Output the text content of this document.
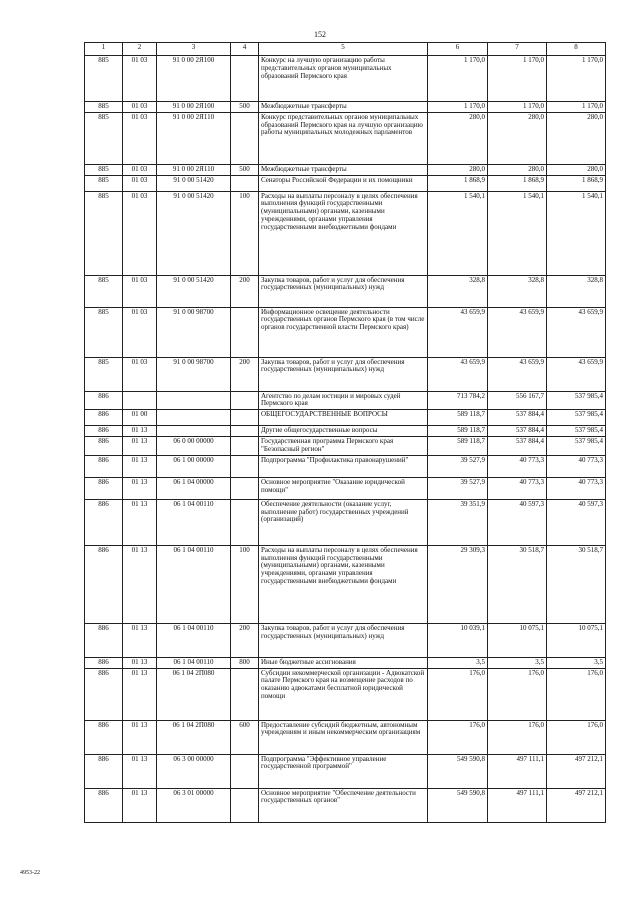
152
1	2	3	4	5	6	7	8
885	01 03	91 0 00 2Я100		Конкурс на лучшую организацию работы представительных органов муниципальных образований Пермского края	1 170,0	1 170,0	1 170,0
885	01 03	91 0 00 2Я100	500	Межбюджетные трансферты	1 170,0	1 170,0	1 170,0
885	01 03	91 0 00 2Я110		Конкурс представительных органов муниципальных образований Пермского края на лучшую организацию работы муниципальных молодежных парламентов	280,0	280,0	280,0
885	01 03	91 0 00 2Я110	500	Межбюджетные трансферты	280,0	280,0	280,0
885	01 03	91 0 00 51420		Сенаторы Российской Федерации и их помощники	1 868,9	1 868,9	1 868,9
885	01 03	91 0 00 51420	100	Расходы на выплаты персоналу в целях обеспечения выполнения функций государственными (муниципальными) органами, казенными учреждениями, органами управления государственными внебюджетными фондами	1 540,1	1 540,1	1 540,1
885	01 03	91 0 00 51420	200	Закупка товаров, работ и услуг для обеспечения государственных (муниципальных) нужд	328,8	328,8	328,8
885	01 03	91 0 00 98700		Информационное освещение деятельности государственных органов Пермского края (в том числе органов государственной власти Пермского края)	43 659,9	43 659,9	43 659,9
885	01 03	91 0 00 98700	200	Закупка товаров, работ и услуг для обеспечения государственных (муниципальных) нужд	43 659,9	43 659,9	43 659,9
886				Агентство по делам юстиции и мировых судей Пермского края	713 784,2	556 167,7	537 985,4
886	01 00			ОБЩЕГОСУДАРСТВЕННЫЕ ВОПРОСЫ	589 118,7	537 884,4	537 985,4
886	01 13			Другие общегосударственные вопросы	589 118,7	537 884,4	537 985,4
886	01 13	06 0 00 00000		Государственная программа Пермского края "Безопасный регион"	589 118,7	537 884,4	537 985,4
886	01 13	06 1 00 00000		Подпрограмма "Профилактика правонарушений"	39 527,9	40 773,3	40 773,3
886	01 13	06 1 04 00000		Основное мероприятие "Оказание юридической помощи"	39 527,9	40 773,3	40 773,3
886	01 13	06 1 04 00110		Обеспечение деятельности (оказание услуг, выполнение работ) государственных учреждений (организаций)	39 351,9	40 597,3	40 597,3
886	01 13	06 1 04 00110	100	Расходы на выплаты персоналу в целях обеспечения выполнения функций государственными (муниципальными) органами, казенными учреждениями, органами управления государственными внебюджетными фондами	29 309,3	30 518,7	30 518,7
886	01 13	06 1 04 00110	200	Закупка товаров, работ и услуг для обеспечения государственных (муниципальных) нужд	10 039,1	10 075,1	10 075,1
886	01 13	06 1 04 00110	800	Иные бюджетные ассигнования	3,5	3,5	3,5
886	01 13	06 1 04 2П080		Субсидии некоммерческой организации - Адвокатской палате Пермского края на возмещение расходов по оказанию адвокатами бесплатной юридической помощи	176,0	176,0	176,0
886	01 13	06 1 04 2П080	600	Предоставление субсидий бюджетным, автономным учреждениям и иным некоммерческим организациям	176,0	176,0	176,0
886	01 13	06 3 00 00000		Подпрограмма "Эффективное управление государственной программой"	549 590,8	497 111,1	497 212,1
886	01 13	06 3 01 00000		Основное мероприятие "Обеспечение деятельности государственных органов"	549 590,8	497 111,1	497 212,1
4953-22
